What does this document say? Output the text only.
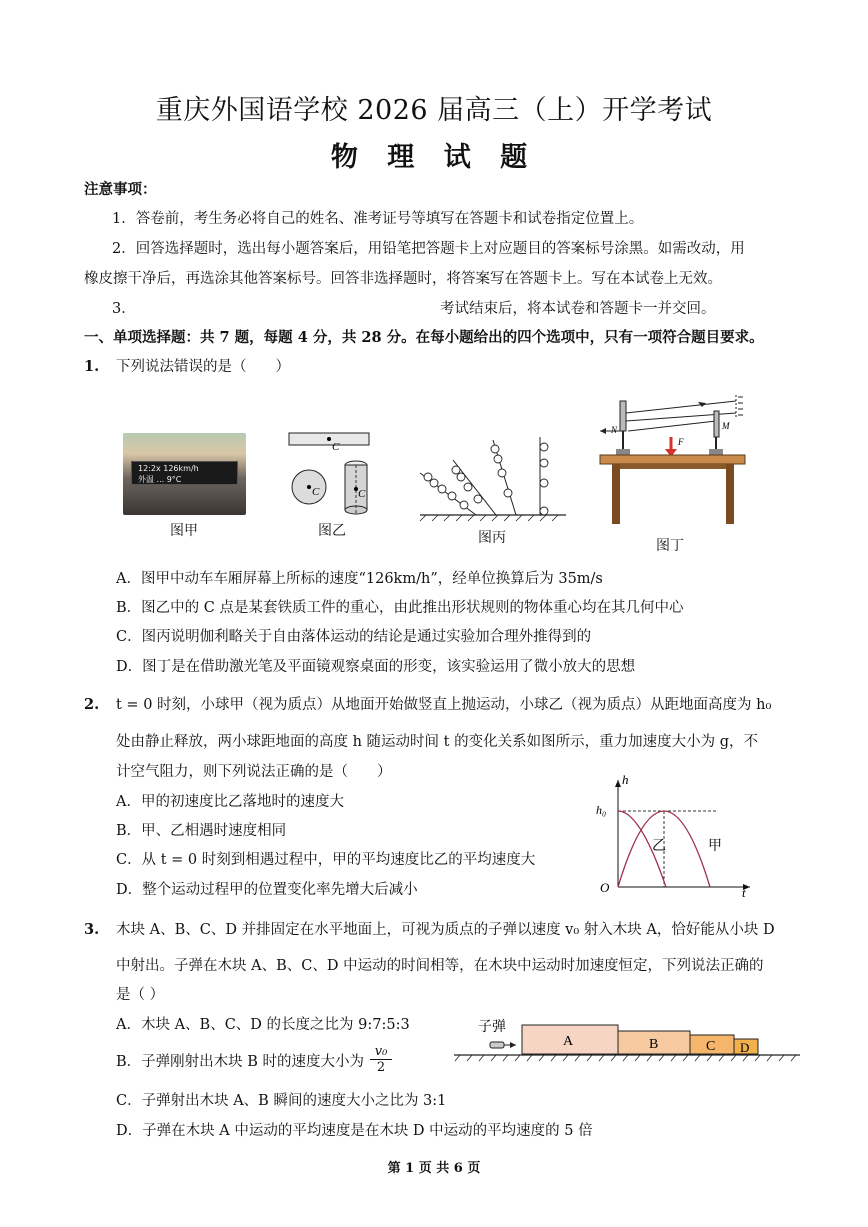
重庆外国语学校 2026 届高三（上）开学考试
物 理 试 题
注意事项：
1．答卷前，考生务必将自己的姓名、准考证号等填写在答题卡和试卷指定位置上。
2．回答选择题时，选出每小题答案后，用铅笔把答题卡上对应题目的答案标号涂黑。如需改动，用
橡皮擦干净后，再选涂其他答案标号。回答非选择题时，将答案写在答题卡上。写在本试卷上无效。
3．	考试结束后，将本试卷和答题卡一并交回。
一、单项选择题：共 7 题，每题 4 分，共 28 分。在每小题给出的四个选项中，只有一项符合题目要求。
1. 下列说法错误的是（　　）
12:2x 126km/h
外温 ... 9°C
图甲
C
C	C
图乙	图丙
N	M
F
图丁
A．图甲中动车车厢屏幕上所标的速度“126km/h”，经单位换算后为 35m/s
B．图乙中的 C 点是某套铁质工件的重心，由此推出形状规则的物体重心均在其几何中心
C．图丙说明伽利略关于自由落体运动的结论是通过实验加合理外推得到的
D．图丁是在借助激光笔及平面镜观察桌面的形变，该实验运用了微小放大的思想
2. t = 0 时刻，小球甲（视为质点）从地面开始做竖直上抛运动，小球乙（视为质点）从距地面高度为 h₀
处由静止释放，两小球距地面的高度 h 随运动时间 t 的变化关系如图所示，重力加速度大小为 g，不
计空气阻力，则下列说法正确的是（　　）
A．甲的初速度比乙落地时的速度大
B．甲、乙相遇时速度相同
C．从 t = 0 时刻到相遇过程中，甲的平均速度比乙的平均速度大
D．整个运动过程甲的位置变化率先增大后减小
h
t
O
h₀
乙	甲
3. 木块 A、B、C、D 并排固定在水平地面上，可视为质点的子弹以速度 v₀ 射入木块 A，恰好能从小块 D
中射出。子弹在木块 A、B、C、D 中运动的时间相等，在木块中运动时加速度恒定，下列说法正确的
是（ ）
A．木块 A、B、C、D 的长度之比为 9:7:5:3
B．子弹刚射出木块 B 时的速度大小为 $\frac{\text{v₀}}{2}$
C．子弹射出木块 A、B 瞬间的速度大小之比为 3:1
D．子弹在木块 A 中运动的平均速度是在木块 D 中运动的平均速度的 5 倍
子弹
A	B	C D
第 1 页 共 6 页
